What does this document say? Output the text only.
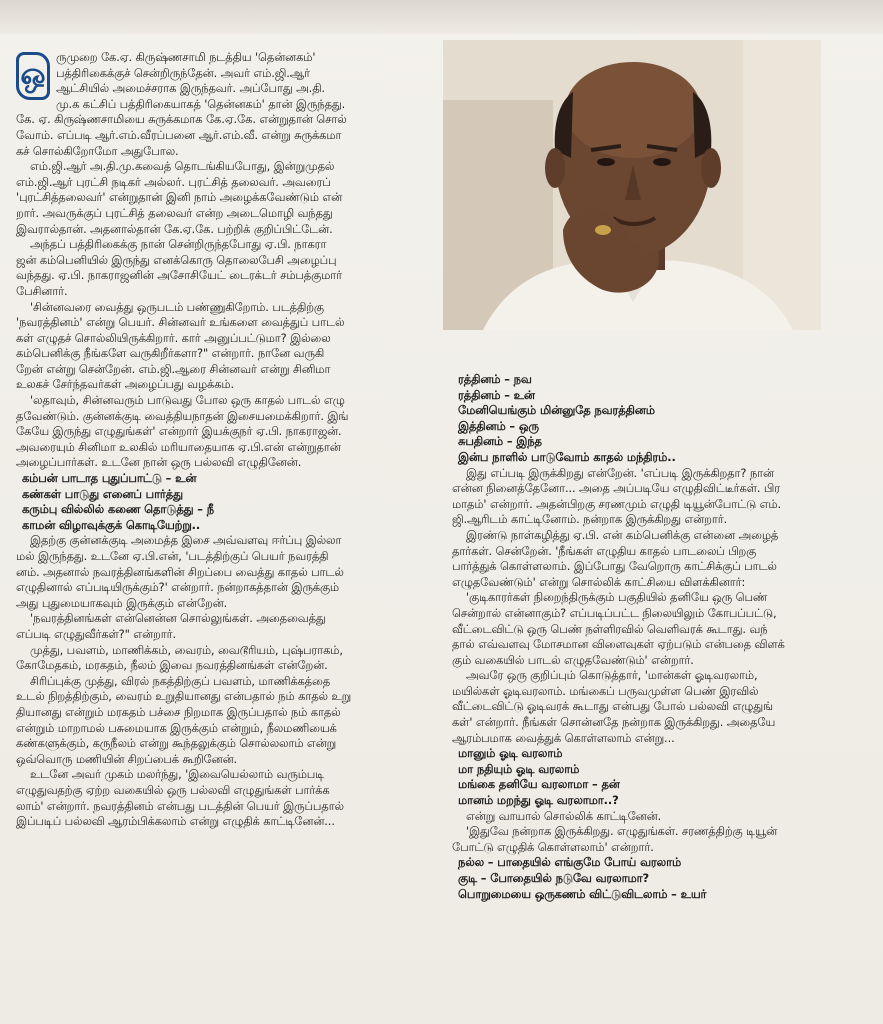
ஒ ருமுறை கே.ஏ. கிருஷ்ணசாமி நடத்திய 'தென்னகம்'
பத்திரிகைக்குச் சென்றிருந்தேன். அவர் எம்.ஜி.ஆர்
ஆட்சியில் அமைச்சராக இருந்தவர். அப்போது அ.தி.
மு.க கட்சிப் பத்திரிகையாகத் 'தென்னகம்' தான் இருந்தது.
கே. ஏ. கிருஷ்ணசாமியை சுருக்கமாக கே.ஏ.கே. என்றுதான் சொல்
வோம். எப்படி ஆர்.எம்.வீரப்பனை ஆர்.எம்.வீ. என்று சுருக்கமா
கச் சொல்கிறோமோ அதுபோல.
எம்.ஜி.ஆர் அ.தி.மு.கவைத் தொடங்கியபோது, இன்றுமுதல்
எம்.ஜி.ஆர் புரட்சி நடிகர் அல்லர். புரட்சித் தலைவர். அவரைப்
'புரட்சித்தலைவர்' என்றுதான் இனி நாம் அழைக்கவேண்டும் என்
றார். அவருக்குப் புரட்சித் தலைவர் என்ற அடைமொழி வந்தது
இவரால்தான். அதனால்தான் கே.ஏ.கே. பற்றிக் குறிப்பிட்டேன்.
அந்தப் பத்திரிகைக்கு நான் சென்றிருந்தபோது ஏ.பி. நாகரா
ஜன் கம்பெனியில் இருந்து எனக்கொரு தொலைபேசி அழைப்பு
வந்தது. ஏ.பி. நாகராஜனின் அசோசியேட் டைரக்டர் சம்பத்குமார்
பேசினார்.
'சின்னவரை வைத்து ஒருபடம் பண்ணுகிறோம். படத்திற்கு
'நவரத்தினம்' என்று பெயர். சின்னவர் உங்களை வைத்துப் பாடல்
கள் எழுதச் சொல்லியிருக்கிறார். கார் அனுப்பட்டுமா? இல்லை
கம்பெனிக்கு நீங்களே வருகிறீர்களா?" என்றார். நானே வருகி
றேன் என்று சென்றேன். எம்.ஜி.ஆரை சின்னவர் என்று சினிமா
உலகச் சேர்ந்தவர்கள் அழைப்பது வழக்கம்.
'லதாவும், சின்னவரும் பாடுவது போல ஒரு காதல் பாடல் எழு
தவேண்டும். குன்னக்குடி வைத்தியநாதன் இசையமைக்கிறார். இங்
கேயே இருந்து எழுதுங்கள்' என்றார் இயக்குநர் ஏ.பி. நாகராஜன்.
அவரையும் சினிமா உலகில் மரியாதையாக ஏ.பி.என் என்றுதான்
அழைப்பார்கள். உடனே நான் ஒரு பல்லவி எழுதினேன்.
கம்பன் பாடாத புதுப்பாட்டு – உன்
கண்கள் பாடுது எனைப் பார்த்து
கரும்பு வில்லில் கணை தொடுத்து – நீ
காமன் விழாவுக்குக் கொடியேற்று..
இதற்கு குன்னக்குடி அமைத்த இசை அவ்வளவு ஈர்ப்பு இல்லா
மல் இருந்தது. உடனே ஏ.பி.என், 'படத்திற்குப் பெயர் நவரத்தி
னம். அதனால் நவரத்தினங்களின் சிறப்பை வைத்து காதல் பாடல்
எழுதினால் எப்படியிருக்கும்?' என்றார். நன்றாகத்தான் இருக்கும்
அது புதுமையாகவும் இருக்கும் என்றேன்.
'நவரத்தினங்கள் என்னென்ன சொல்லுங்கள். அதைவைத்து
எப்படி எழுதுவீர்கள்?" என்றார்.
முத்து, பவளம், மாணிக்கம், வைரம், வைடூரியம், புஷ்பராகம்,
கோமேதகம், மரகதம், நீலம் இவை நவரத்தினங்கள் என்றேன்.
சிரிப்புக்கு முத்து, விரல் நகத்திற்குப் பவளம், மாணிக்கத்தை
உடல் நிறத்திற்கும், வைரம் உறுதியானது என்பதால் நம் காதல் உறு
தியானது என்றும் மரகதம் பச்சை நிறமாக இருப்பதால் நம் காதல்
என்றும் மாறாமல் பசுமையாக இருக்கும் என்றும், நீலமணியைக்
கண்களுக்கும், கருநீலம் என்று கூந்தலுக்கும் சொல்லலாம் என்று
ஒவ்வொரு மணியின் சிறப்பைக் கூறினேன்.
உடனே அவர் முகம் மலர்ந்து, 'இவையெல்லாம் வரும்படி
எழுதுவதற்கு ஏற்ற வகையில் ஒரு பல்லவி எழுதுங்கள் பார்க்க
லாம்' என்றார். நவரத்தினம் என்பது படத்தின் பெயர் இருப்பதால்
இப்படிப் பல்லவி ஆரம்பிக்கலாம் என்று எழுதிக் காட்டினேன்...
ரத்தினம் – நவ
ரத்தினம் – உன்
மேனியெங்கும் மின்னுதே நவரத்தினம்
இத்தினம் – ஒரு
சுபதினம் – இந்த
இன்ப நாளில் பாடுவோம் காதல் மந்திரம்..
இது எப்படி இருக்கிறது என்றேன். 'எப்படி இருக்கிறதா? நான்
என்ன நினைத்தேனோ... அதை அப்படியே எழுதிவிட்டீர்கள். பிர
மாதம்' என்றார். அதன்பிறகு சரணமும் எழுதி டியூன்போட்டு எம்.
ஜி.ஆரிடம் காட்டினோம். நன்றாக இருக்கிறது என்றார்.
இரண்டு நாள்கழித்து ஏ.பி. என் கம்பெனிக்கு என்னை அழைத்
தார்கள். சென்றேன். 'நீங்கள் எழுதிய காதல் பாடலைப் பிறகு
பார்த்துக் கொள்ளலாம். இப்போது வேறொரு காட்சிக்குப் பாடல்
எழுதவேண்டும்' என்று சொல்லிக் காட்சியை விளக்கினார்:
'குடிகாரர்கள் நிறைந்திருக்கும் பகுதியில் தனியே ஒரு பெண்
சென்றால் என்னாகும்? எப்படிப்பட்ட நிலையிலும் கோபப்பட்டு,
வீட்டைவிட்டு ஒரு பெண் நள்ளிரவில் வெளிவரக் கூடாது. வந்
தால் எவ்வளவு மோசமான விளைவுகள் ஏற்படும் என்பதை விளக்
கும் வகையில் பாடல் எழுதவேண்டும்' என்றார்.
அவரே ஒரு குறிப்பும் கொடுத்தார், 'மான்கள் ஓடிவரலாம்,
மயில்கள் ஓடிவரலாம். மங்கைப் பருவமுள்ள பெண் இரவில்
வீட்டைவிட்டு ஓடிவரக் கூடாது என்பது போல் பல்லவி எழுதுங்
கள்' என்றார். நீங்கள் சொன்னதே நன்றாக இருக்கிறது. அதையே
ஆரம்பமாக வைத்துக் கொள்ளலாம் என்று...
மானும் ஓடி வரலாம்
மா நதியும் ஓடி வரலாம்
மங்கை தனியே வரலாமா – தன்
மானம் மறந்து ஓடி வரலாமா..?
என்று வாயால் சொல்லிக் காட்டினேன்.
'இதுவே நன்றாக இருக்கிறது. எழுதுங்கள். சரணத்திற்கு டியூன்
போட்டு எழுதிக் கொள்ளலாம்' என்றார்.
நல்ல – பாதையில் எங்குமே போய் வரலாம்
குடி – போதையில் நடுவே வரலாமா?
பொறுமையை ஒருகணம் விட்டுவிடலாம் – உயர்
